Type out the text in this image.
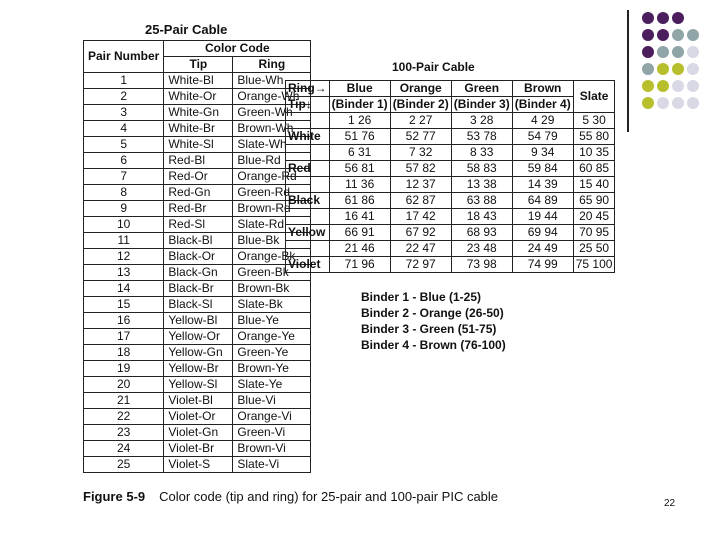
25-Pair Cable
Pair Number	Color Code	
	Tip	Ring
1	White-Bl	Blue-Wh
2	White-Or	Orange-Wh
3	White-Gn	Green-Wh
4	White-Br	Brown-Wh
5	White-Sl	Slate-Wh
6	Red-Bl	Blue-Rd
7	Red-Or	Orange-Rd
8	Red-Gn	Green-Rd
9	Red-Br	Brown-Rd
10	Red-Sl	Slate-Rd
11	Black-Bl	Blue-Bk
12	Black-Or	Orange-Bk
13	Black-Gn	Green-Bk
14	Black-Br	Brown-Bk
15	Black-Sl	Slate-Bk
16	Yellow-Bl	Blue-Ye
17	Yellow-Or	Orange-Ye
18	Yellow-Gn	Green-Ye
19	Yellow-Br	Brown-Ye
20	Yellow-Sl	Slate-Ye
21	Violet-Bl	Blue-Vi
22	Violet-Or	Orange-Vi
23	Violet-Gn	Green-Vi
24	Violet-Br	Brown-Vi
25	Violet-S	Slate-Vi
100-Pair Cable
Ring→	Blue	Orange	Green	Brown	Slate
Tip↓	(Binder 1)	(Binder 2)	(Binder 3)	(Binder 4)	
	1 26	2 27	3 28	4 29	5 30
White	51 76	52 77	53 78	54 79	55 80
	6 31	7 32	8 33	9 34	10 35
Red	56 81	57 82	58 83	59 84	60 85
	11 36	12 37	13 38	14 39	15 40
Black	61 86	62 87	63 88	64 89	65 90
	16 41	17 42	18 43	19 44	20 45
Yellow	66 91	67 92	68 93	69 94	70 95
	21 46	22 47	23 48	24 49	25 50
Violet	71 96	72 97	73 98	74 99	75 100
Binder 1 - Blue (1-25)
Binder 2 - Orange (26-50)
Binder 3 - Green (51-75)
Binder 4 - Brown (76-100)
Figure 5-9 Color code (tip and ring) for 25-pair and 100-pair PIC cable	22
